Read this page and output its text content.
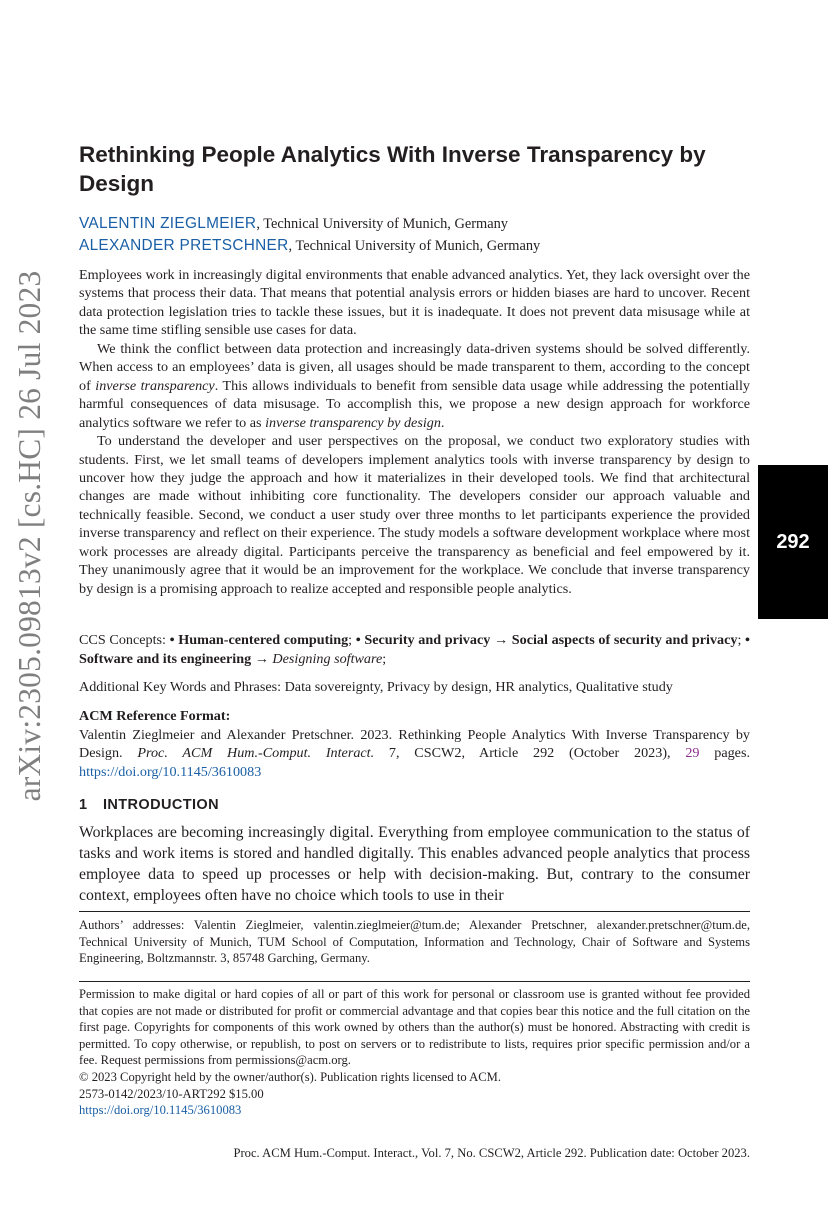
arXiv:2305.09813v2 [cs.HC] 26 Jul 2023	292
Rethinking People Analytics With Inverse Transparency by Design
VALENTIN ZIEGLMEIER, Technical University of Munich, Germany
ALEXANDER PRETSCHNER, Technical University of Munich, Germany

Employees work in increasingly digital environments that enable advanced analytics. Yet, they lack oversight over the systems that process their data. That means that potential analysis errors or hidden biases are hard to uncover. Recent data protection legislation tries to tackle these issues, but it is inadequate. It does not prevent data misusage while at the same time stifling sensible use cases for data.

We think the conflict between data protection and increasingly data-driven systems should be solved differently. When access to an employees’ data is given, all usages should be made transparent to them, according to the concept of inverse transparency. This allows individuals to benefit from sensible data usage while addressing the potentially harmful consequences of data misusage. To accomplish this, we propose a new design approach for workforce analytics software we refer to as inverse transparency by design.

To understand the developer and user perspectives on the proposal, we conduct two exploratory studies with students. First, we let small teams of developers implement analytics tools with inverse transparency by design to uncover how they judge the approach and how it materializes in their developed tools. We find that architectural changes are made without inhibiting core functionality. The developers consider our approach valuable and technically feasible. Second, we conduct a user study over three months to let participants experience the provided inverse transparency and reflect on their experience. The study models a software development workplace where most work processes are already digital. Participants perceive the transparency as beneficial and feel empowered by it. They unanimously agree that it would be an improvement for the workplace. We conclude that inverse transparency by design is a promising approach to realize accepted and responsible people analytics.

CCS Concepts: • Human-centered computing; • Security and privacy → Social aspects of security and privacy; • Software and its engineering → Designing software;
Additional Key Words and Phrases: Data sovereignty, Privacy by design, HR analytics, Qualitative study
ACM Reference Format:
Valentin Zieglmeier and Alexander Pretschner. 2023. Rethinking People Analytics With Inverse Transparency by Design. Proc. ACM Hum.-Comput. Interact. 7, CSCW2, Article 292 (October 2023), 29 pages. https://doi.org/10.1145/3610083
1 INTRODUCTION
Workplaces are becoming increasingly digital. Everything from employee communication to the status of tasks and work items is stored and handled digitally. This enables advanced people analytics that process employee data to speed up processes or help with decision-making. But, contrary to the consumer context, employees often have no choice which tools to use in their
Authors’ addresses: Valentin Zieglmeier, valentin.zieglmeier@tum.de; Alexander Pretschner, alexander.pretschner@tum.de, Technical University of Munich, TUM School of Computation, Information and Technology, Chair of Software and Systems Engineering, Boltzmannstr. 3, 85748 Garching, Germany.
Permission to make digital or hard copies of all or part of this work for personal or classroom use is granted without fee provided that copies are not made or distributed for profit or commercial advantage and that copies bear this notice and the full citation on the first page. Copyrights for components of this work owned by others than the author(s) must be honored. Abstracting with credit is permitted. To copy otherwise, or republish, to post on servers or to redistribute to lists, requires prior specific permission and/or a fee. Request permissions from permissions@acm.org.
© 2023 Copyright held by the owner/author(s). Publication rights licensed to ACM.
2573-0142/2023/10-ART292 $15.00
https://doi.org/10.1145/3610083
Proc. ACM Hum.-Comput. Interact., Vol. 7, No. CSCW2, Article 292. Publication date: October 2023.
